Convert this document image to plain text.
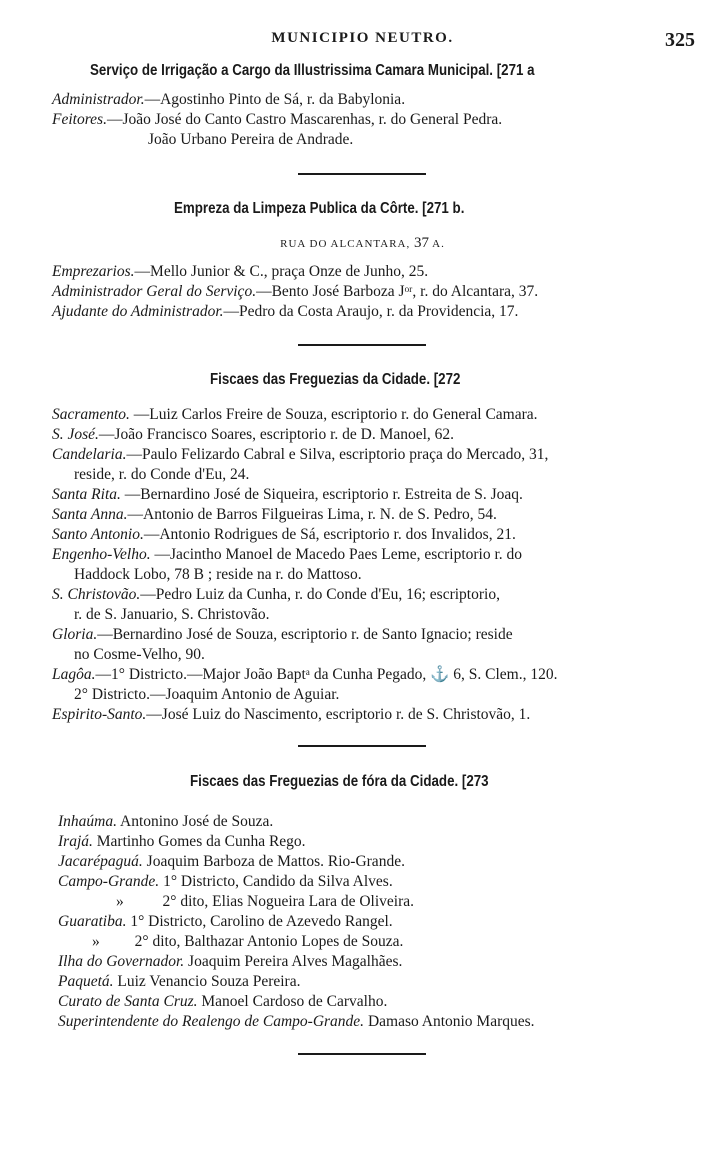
MUNICIPIO NEUTRO.	325
Serviço de Irrigação a Cargo da Illustrissima Camara Municipal. [271 a
Administrador.—Agostinho Pinto de Sá, r. da Babylonia.
Feitores.—João José do Canto Castro Mascarenhas, r. do General Pedra.
João Urbano Pereira de Andrade.
Empreza da Limpeza Publica da Côrte. [271 b.
RUA DO ALCANTARA, 37 A.
Emprezarios.—Mello Junior & C., praça Onze de Junho, 25.
Administrador Geral do Serviço.—Bento José Barboza Jᵒʳ, r. do Alcantara, 37.
Ajudante do Administrador.—Pedro da Costa Araujo, r. da Providencia, 17.
Fiscaes das Freguezias da Cidade. [272
Sacramento. —Luiz Carlos Freire de Souza, escriptorio r. do General Camara.
S. José.—João Francisco Soares, escriptorio r. de D. Manoel, 62.
Candelaria.—Paulo Felizardo Cabral e Silva, escriptorio praça do Mercado, 31,
reside, r. do Conde d'Eu, 24.
Santa Rita. —Bernardino José de Siqueira, escriptorio r. Estreita de S. Joaq.
Santa Anna.—Antonio de Barros Filgueiras Lima, r. N. de S. Pedro, 54.
Santo Antonio.—Antonio Rodrigues de Sá, escriptorio r. dos Invalidos, 21.
Engenho-Velho. —Jacintho Manoel de Macedo Paes Leme, escriptorio r. do
Haddock Lobo, 78 B ; reside na r. do Mattoso.
S. Christovão.—Pedro Luiz da Cunha, r. do Conde d'Eu, 16; escriptorio,
r. de S. Januario, S. Christovão.
Gloria.—Bernardino José de Souza, escriptorio r. de Santo Ignacio; reside
no Cosme-Velho, 90.
Lagôa.—1° Districto.—Major João Baptᵃ da Cunha Pegado, ⚓ 6, S. Clem., 120.
2° Districto.—Joaquim Antonio de Aguiar.
Espirito-Santo.—José Luiz do Nascimento, escriptorio r. de S. Christovão, 1.
Fiscaes das Freguezias de fóra da Cidade. [273
Inhaúma. Antonino José de Souza.
Irajá. Martinho Gomes da Cunha Rego.
Jacarépaguá. Joaquim Barboza de Mattos. Rio-Grande.
Campo-Grande. 1° Districto, Candido da Silva Alves.
»          2° dito, Elias Nogueira Lara de Oliveira.
Guaratiba. 1° Districto, Carolino de Azevedo Rangel.
»         2° dito, Balthazar Antonio Lopes de Souza.
Ilha do Governador. Joaquim Pereira Alves Magalhães.
Paquetá. Luiz Venancio Souza Pereira.
Curato de Santa Cruz. Manoel Cardoso de Carvalho.
Superintendente do Realengo de Campo-Grande. Damaso Antonio Marques.
